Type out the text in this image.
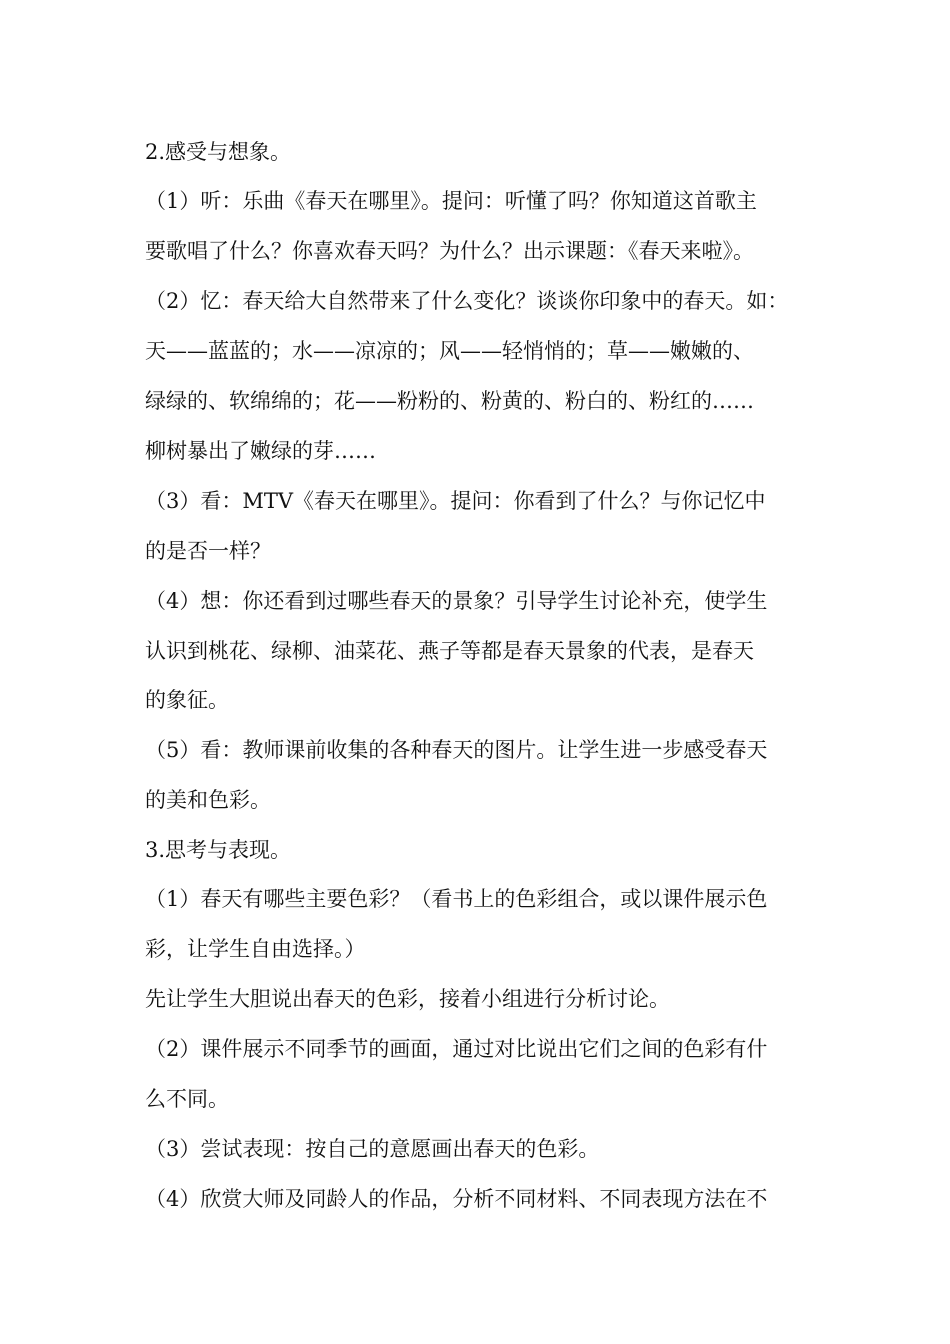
2.感受与想象。
（1）听：乐曲《春天在哪里》。提问：听懂了吗？你知道这首歌主
要歌唱了什么？你喜欢春天吗？为什么？出示课题：《春天来啦》。
（2）忆：春天给大自然带来了什么变化？谈谈你印象中的春天。如：
天——蓝蓝的；水——凉凉的；风——轻悄悄的；草——嫩嫩的、
绿绿的、软绵绵的；花——粉粉的、粉黄的、粉白的、粉红的……
柳树暴出了嫩绿的芽……
（3）看：MTV《春天在哪里》。提问：你看到了什么？与你记忆中
的是否一样？
（4）想：你还看到过哪些春天的景象？引导学生讨论补充，使学生
认识到桃花、绿柳、油菜花、燕子等都是春天景象的代表，是春天
的象征。
（5）看：教师课前收集的各种春天的图片。让学生进一步感受春天
的美和色彩。
3.思考与表现。
（1）春天有哪些主要色彩？（看书上的色彩组合，或以课件展示色
彩，让学生自由选择。）
先让学生大胆说出春天的色彩，接着小组进行分析讨论。
（2）课件展示不同季节的画面，通过对比说出它们之间的色彩有什
么不同。
（3）尝试表现：按自己的意愿画出春天的色彩。
（4）欣赏大师及同龄人的作品，分析不同材料、不同表现方法在不
